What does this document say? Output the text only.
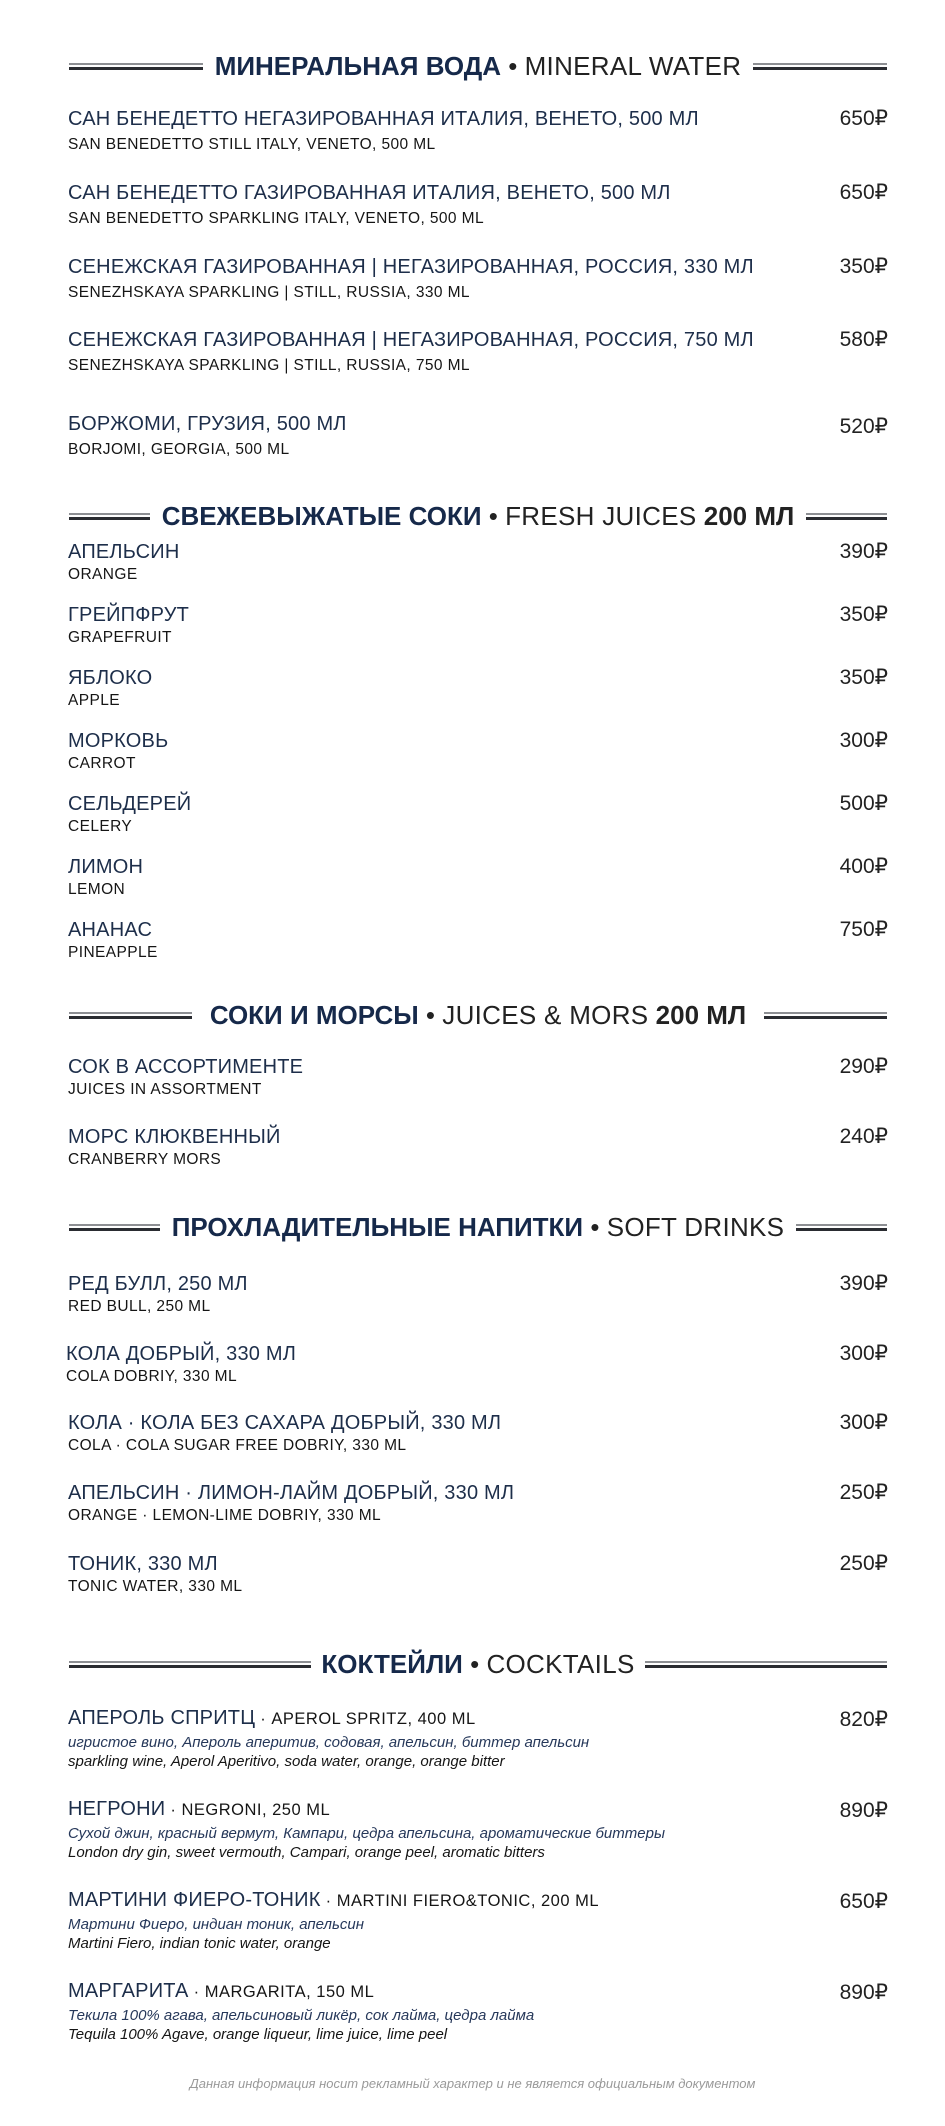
МИНЕРАЛЬНАЯ ВОДА • MINERAL WATER
САН БЕНЕДЕТТО НЕГАЗИРОВАННАЯ ИТАЛИЯ, ВЕНЕТО, 500 МЛ
SAN BENEDETTO STILL ITALY, VENETO, 500 ML
650₽
САН БЕНЕДЕТТО ГАЗИРОВАННАЯ ИТАЛИЯ, ВЕНЕТО, 500 МЛ
SAN BENEDETTO SPARKLING ITALY, VENETO, 500 ML
650₽
СЕНЕЖСКАЯ ГАЗИРОВАННАЯ | НЕГАЗИРОВАННАЯ, РОССИЯ, 330 МЛ
SENEZHSKAYA SPARKLING | STILL, RUSSIA, 330 ML
350₽
СЕНЕЖСКАЯ ГАЗИРОВАННАЯ | НЕГАЗИРОВАННАЯ, РОССИЯ, 750 МЛ
SENEZHSKAYA SPARKLING | STILL, RUSSIA, 750 ML
580₽
БОРЖОМИ, ГРУЗИЯ, 500 МЛ
BORJOMI, GEORGIA, 500 ML
520₽
СВЕЖЕВЫЖАТЫЕ СОКИ • FRESH JUICES 200 МЛ
АПЕЛЬСИН
ORANGE
390₽
ГРЕЙПФРУТ
GRAPEFRUIT
350₽
ЯБЛОКО
APPLE
350₽
МОРКОВЬ
CARROT
300₽
СЕЛЬДЕРЕЙ
CELERY
500₽
ЛИМОН
LEMON
400₽
АНАНАС
PINEAPPLE
750₽
СОКИ И МОРСЫ • JUICES & MORS 200 МЛ
СОК В АССОРТИМЕНТЕ
JUICES IN ASSORTMENT
290₽
МОРС КЛЮКВЕННЫЙ
CRANBERRY MORS
240₽
ПРОХЛАДИТЕЛЬНЫЕ НАПИТКИ • SOFT DRINKS
РЕД БУЛЛ, 250 МЛ
RED BULL, 250 ML
390₽
КОЛА ДОБРЫЙ, 330 МЛ
COLA DOBRIY, 330 ML
300₽
КОЛА · КОЛА БЕЗ САХАРА ДОБРЫЙ, 330 МЛ
COLA · COLA SUGAR FREE DOBRIY, 330 ML
300₽
АПЕЛЬСИН · ЛИМОН-ЛАЙМ ДОБРЫЙ, 330 МЛ
ORANGE · LEMON-LIME DOBRIY, 330 ML
250₽
ТОНИК, 330 МЛ
TONIC WATER, 330 ML
250₽
КОКТЕЙЛИ • COCKTAILS
АПЕРОЛЬ СПРИТЦ · APEROL SPRITZ, 400 ML
игристое вино, Апероль аперитив, содовая, апельсин, биттер апельсин
sparkling wine, Aperol Aperitivo, soda water, orange, orange bitter
820₽
НЕГРОНИ · NEGRONI, 250 ML
Сухой джин, красный вермут, Кампари, цедра апельсина, ароматические биттеры
London dry gin, sweet vermouth, Campari, orange peel, aromatic bitters
890₽
МАРТИНИ ФИЕРО-ТОНИК · MARTINI FIERO&TONIC, 200 ML
Мартини Фиеро, индиан тоник, апельсин
Martini Fiero, indian tonic water, orange
650₽
МАРГАРИТА · MARGARITA, 150 ML
Текила 100% агава, апельсиновый ликёр, сок лайма, цедра лайма
Tequila 100% Agave, orange liqueur, lime juice, lime peel
890₽
Данная информация носит рекламный характер и не является официальным документом
